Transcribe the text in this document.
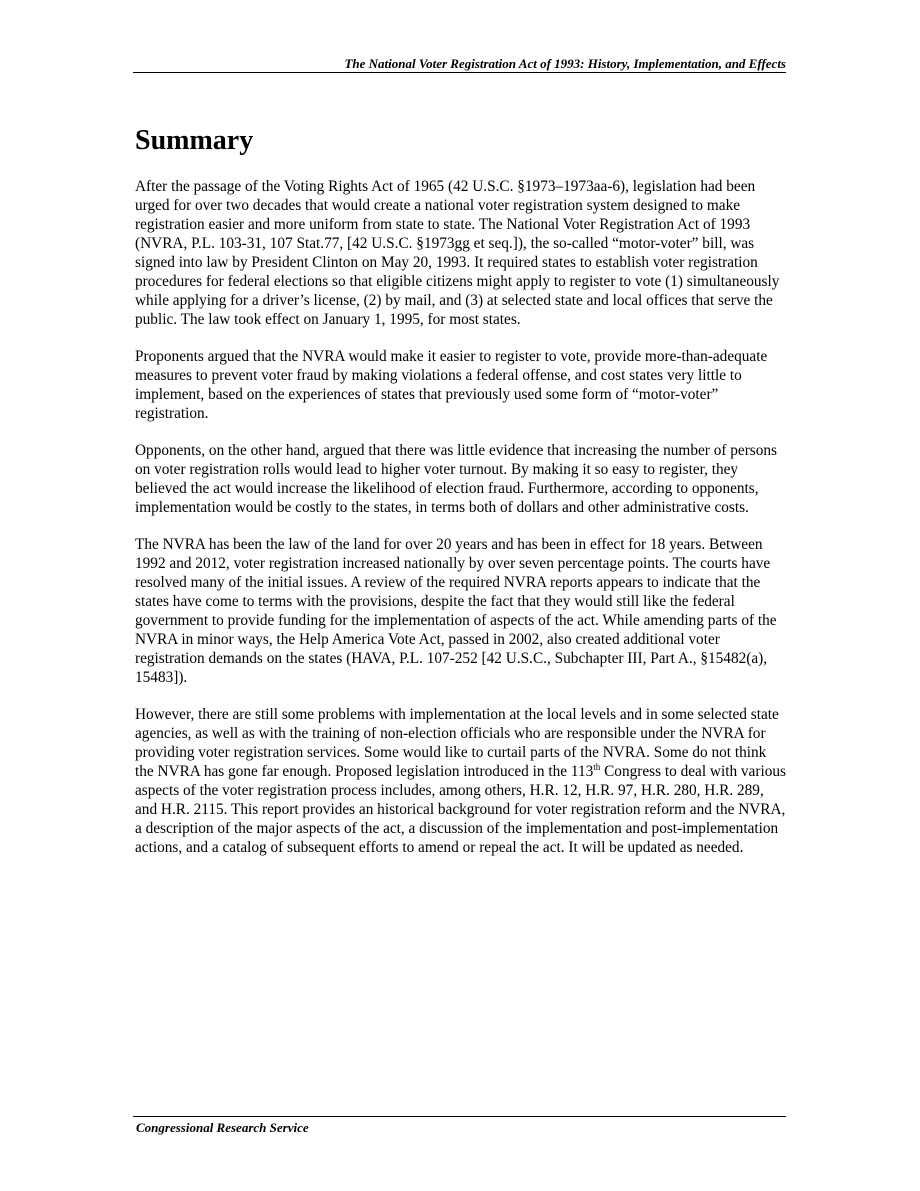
The National Voter Registration Act of 1993: History, Implementation, and Effects
Summary

After the passage of the Voting Rights Act of 1965 (42 U.S.C. §1973–1973aa-6), legislation had been urged for over two decades that would create a national voter registration system designed to make registration easier and more uniform from state to state. The National Voter Registration Act of 1993 (NVRA, P.L. 103-31, 107 Stat.77, [42 U.S.C. §1973gg et seq.]), the so-called “motor-voter” bill, was signed into law by President Clinton on May 20, 1993. It required states to establish voter registration procedures for federal elections so that eligible citizens might apply to register to vote (1) simultaneously while applying for a driver’s license, (2) by mail, and (3) at selected state and local offices that serve the public. The law took effect on January 1, 1995, for most states.

Proponents argued that the NVRA would make it easier to register to vote, provide more-than-adequate measures to prevent voter fraud by making violations a federal offense, and cost states very little to implement, based on the experiences of states that previously used some form of “motor-voter” registration.

Opponents, on the other hand, argued that there was little evidence that increasing the number of persons on voter registration rolls would lead to higher voter turnout. By making it so easy to register, they believed the act would increase the likelihood of election fraud. Furthermore, according to opponents, implementation would be costly to the states, in terms both of dollars and other administrative costs.

The NVRA has been the law of the land for over 20 years and has been in effect for 18 years. Between 1992 and 2012, voter registration increased nationally by over seven percentage points. The courts have resolved many of the initial issues. A review of the required NVRA reports appears to indicate that the states have come to terms with the provisions, despite the fact that they would still like the federal government to provide funding for the implementation of aspects of the act. While amending parts of the NVRA in minor ways, the Help America Vote Act, passed in 2002, also created additional voter registration demands on the states (HAVA, P.L. 107-252 [42 U.S.C., Subchapter III, Part A., §15482(a), 15483]).

However, there are still some problems with implementation at the local levels and in some selected state agencies, as well as with the training of non-election officials who are responsible under the NVRA for providing voter registration services. Some would like to curtail parts of the NVRA. Some do not think the NVRA has gone far enough. Proposed legislation introduced in the 113th Congress to deal with various aspects of the voter registration process includes, among others, H.R. 12, H.R. 97, H.R. 280, H.R. 289, and H.R. 2115. This report provides an historical background for voter registration reform and the NVRA, a description of the major aspects of the act, a discussion of the implementation and post-implementation actions, and a catalog of subsequent efforts to amend or repeal the act. It will be updated as needed.

Congressional Research Service
